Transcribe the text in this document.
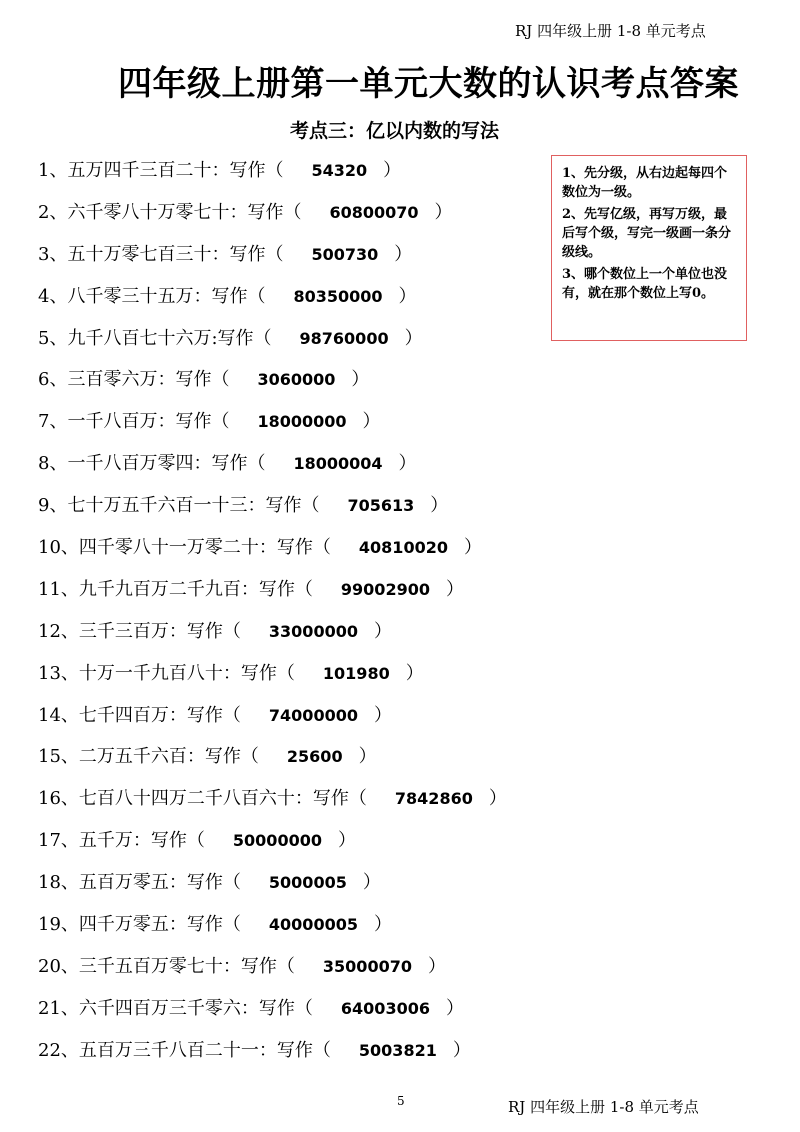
RJ 四年级上册 1-8 单元考点
四年级上册第一单元大数的认识考点答案
考点三：亿以内数的写法
1、五万四千三百二十：写作（ 54320 ）
2、六千零八十万零七十：写作（ 60800070 ）
3、五十万零七百三十：写作（ 500730 ）
4、八千零三十五万：写作（ 80350000 ）
5、九千八百七十六万:写作（ 98760000 ）
6、三百零六万：写作（ 3060000 ）
7、一千八百万：写作（ 18000000 ）
8、一千八百万零四：写作（ 18000004 ）
9、七十万五千六百一十三：写作（ 705613 ）
10、四千零八十一万零二十：写作（ 40810020 ）
11、九千九百万二千九百：写作（ 99002900 ）
12、三千三百万：写作（ 33000000 ）
13、十万一千九百八十：写作（ 101980 ）
14、七千四百万：写作（ 74000000 ）
15、二万五千六百：写作（ 25600 ）
16、七百八十四万二千八百六十：写作（ 7842860 ）
17、五千万：写作（ 50000000 ）
18、五百万零五：写作（ 5000005 ）
19、四千万零五：写作（ 40000005 ）
20、三千五百万零七十：写作（ 35000070 ）
21、六千四百万三千零六：写作（ 64003006 ）
22、五百万三千八百二十一：写作（ 5003821 ）

1、先分级，从右边起每四个数位为一级。

2、先写亿级，再写万级，最后写个级，写完一级画一条分级线。

3、哪个数位上一个单位也没有，就在那个数位上写0。

5	RJ 四年级上册 1-8 单元考点
